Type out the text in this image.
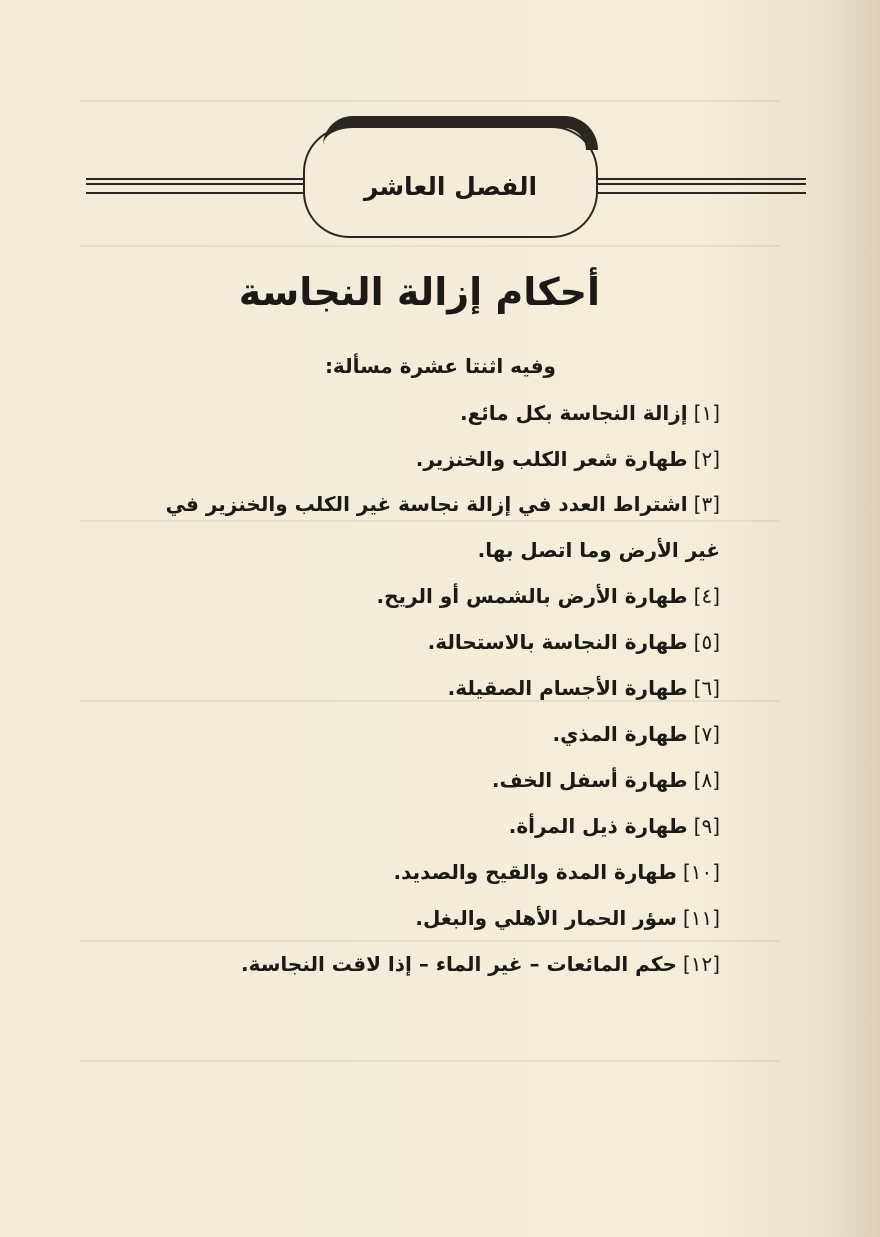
الفصل العاشر
أحكام إزالة النجاسة
وفيه اثنتا عشرة مسألة:
[١]إزالة النجاسة بكل مائع.
[٢]طهارة شعر الكلب والخنزير.
[٣]اشتراط العدد في إزالة نجاسة غير الكلب والخنزير في غير الأرض وما اتصل بها.
[٤]طهارة الأرض بالشمس أو الريح.
[٥]طهارة النجاسة بالاستحالة.
[٦]طهارة الأجسام الصقيلة.
[٧]طهارة المذي.
[٨]طهارة أسفل الخف.
[٩]طهارة ذيل المرأة.
[١٠]طهارة المدة والقيح والصديد.
[١١]سؤر الحمار الأهلي والبغل.
[١٢]حكم المائعات – غير الماء – إذا لاقت النجاسة.
